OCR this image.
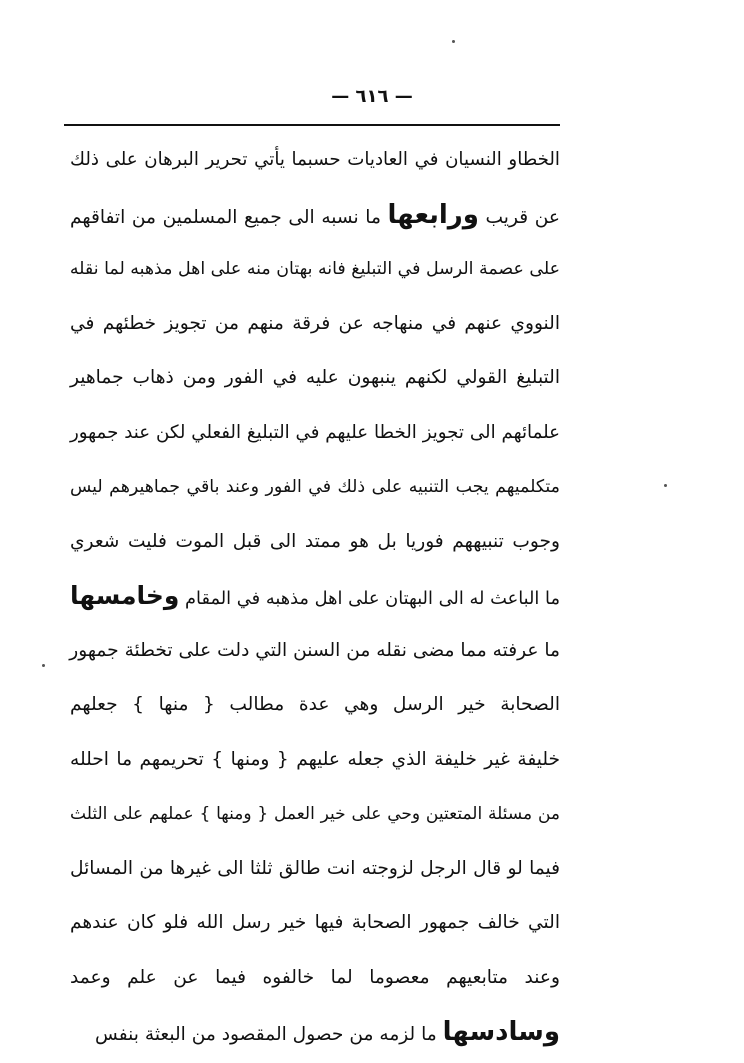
— ٦١٦ —
الخطاو النسيان في العاديات حسبما يأتي تحرير البرهان على ذلك
عن قريب ورابعها ما نسبه الى جميع المسلمين من اتفاقهم
على عصمة الرسل في التبليغ فانه بهتان منه على اهل مذهبه لما نقله
النووي عنهم في منهاجه عن فرقة منهم من تجويز خطئهم في
التبليغ القولي لكنهم ينبهون عليه في الفور ومن ذهاب جماهير
علمائهم الى تجويز الخطا عليهم في التبليغ الفعلي لكن عند جمهور
متكلميهم يجب التنبيه على ذلك في الفور وعند باقي جماهيرهم ليس
وجوب تنبيههم فوريا بل هو ممتد الى قبل الموت فليت شعري
ما الباعث له الى البهتان على اهل مذهبه في المقام وخامسها
ما عرفته مما مضى نقله من السنن التي دلت على تخطئة جمهور
الصحابة خير الرسل وهي عدة مطالب { منها } جعلهم
خليفة غير خليفة الذي جعله عليهم { ومنها } تحريمهم ما احلله
من مسئلة المتعتين وحي على خير العمل { ومنها } عملهم على الثلث
فيما لو قال الرجل لزوجته انت طالق ثلثا الى غيرها من المسائل
التي خالف جمهور الصحابة فيها خير رسل الله فلو كان عندهم
وعند متابعيهم معصوما لما خالفوه فيما عن علم وعمد
وسادسها ما لزمه من حصول المقصود من البعثة بنفس
